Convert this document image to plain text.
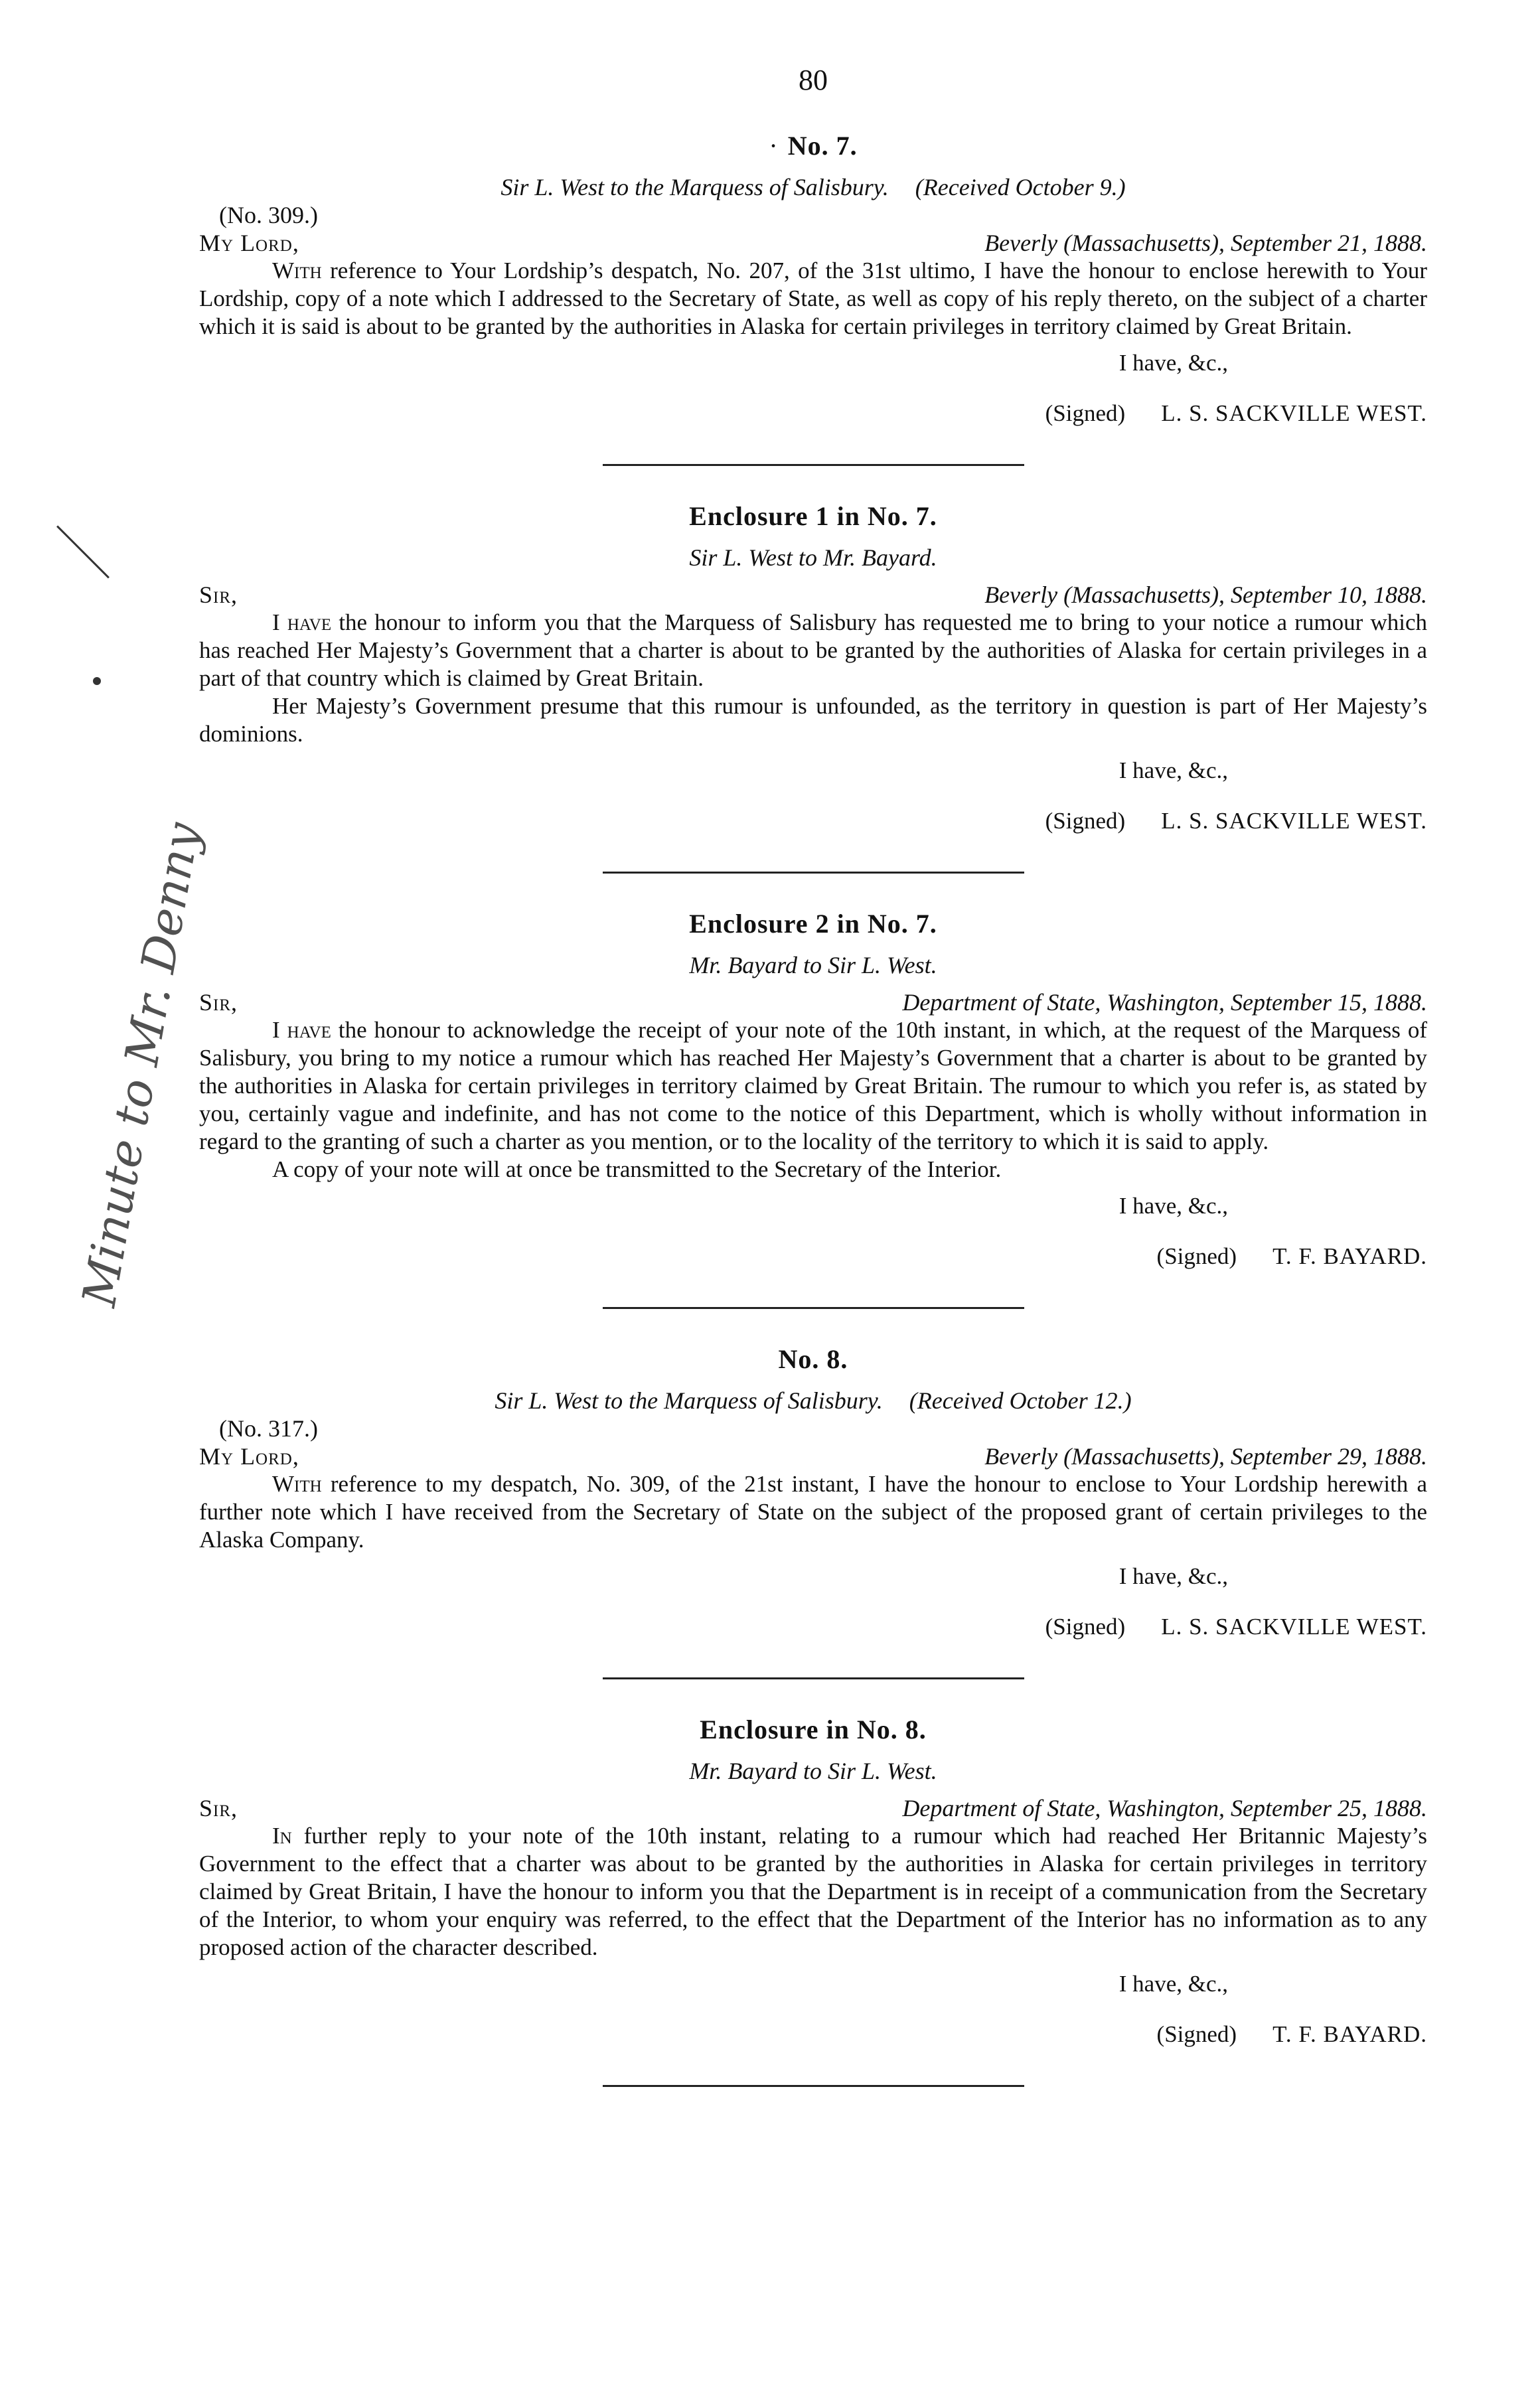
Minute to Mr. Denny
80
· No. 7.

Sir L. West to the Marquess of Salisbury. (Received October 9.)

(No. 309.)

My Lord,	Beverly (Massachusetts), September 21, 1888.

With reference to Your Lordship’s despatch, No. 207, of the 31st ultimo, I have the honour to enclose herewith to Your Lordship, copy of a note which I addressed to the Secretary of State, as well as copy of his reply thereto, on the subject of a charter which it is said is about to be granted by the authorities in Alaska for certain privileges in territory claimed by Great Britain.

I have, &c.,
(Signed) L. S. SACKVILLE WEST.
Enclosure 1 in No. 7.

Sir L. West to Mr. Bayard.

Sir,	Beverly (Massachusetts), September 10, 1888.

I have the honour to inform you that the Marquess of Salisbury has requested me to bring to your notice a rumour which has reached Her Majesty’s Government that a charter is about to be granted by the authorities of Alaska for certain privileges in a part of that country which is claimed by Great Britain.

Her Majesty’s Government presume that this rumour is unfounded, as the territory in question is part of Her Majesty’s dominions.

I have, &c.,
(Signed) L. S. SACKVILLE WEST.
Enclosure 2 in No. 7.

Mr. Bayard to Sir L. West.

Sir,	Department of State, Washington, September 15, 1888.

I have the honour to acknowledge the receipt of your note of the 10th instant, in which, at the request of the Marquess of Salisbury, you bring to my notice a rumour which has reached Her Majesty’s Government that a charter is about to be granted by the authorities in Alaska for certain privileges in territory claimed by Great Britain. The rumour to which you refer is, as stated by you, certainly vague and indefinite, and has not come to the notice of this Department, which is wholly without information in regard to the granting of such a charter as you mention, or to the locality of the territory to which it is said to apply.

A copy of your note will at once be transmitted to the Secretary of the Interior.

I have, &c.,
(Signed) T. F. BAYARD.
No. 8.

Sir L. West to the Marquess of Salisbury. (Received October 12.)

(No. 317.)

My Lord,	Beverly (Massachusetts), September 29, 1888.

With reference to my despatch, No. 309, of the 21st instant, I have the honour to enclose to Your Lordship herewith a further note which I have received from the Secretary of State on the subject of the proposed grant of certain privileges to the Alaska Company.

I have, &c.,
(Signed) L. S. SACKVILLE WEST.
Enclosure in No. 8.

Mr. Bayard to Sir L. West.

Sir,	Department of State, Washington, September 25, 1888.

In further reply to your note of the 10th instant, relating to a rumour which had reached Her Britannic Majesty’s Government to the effect that a charter was about to be granted by the authorities in Alaska for certain privileges in territory claimed by Great Britain, I have the honour to inform you that the Department is in receipt of a communication from the Secretary of the Interior, to whom your enquiry was referred, to the effect that the Department of the Interior has no information as to any proposed action of the character described.

I have, &c.,
(Signed) T. F. BAYARD.
